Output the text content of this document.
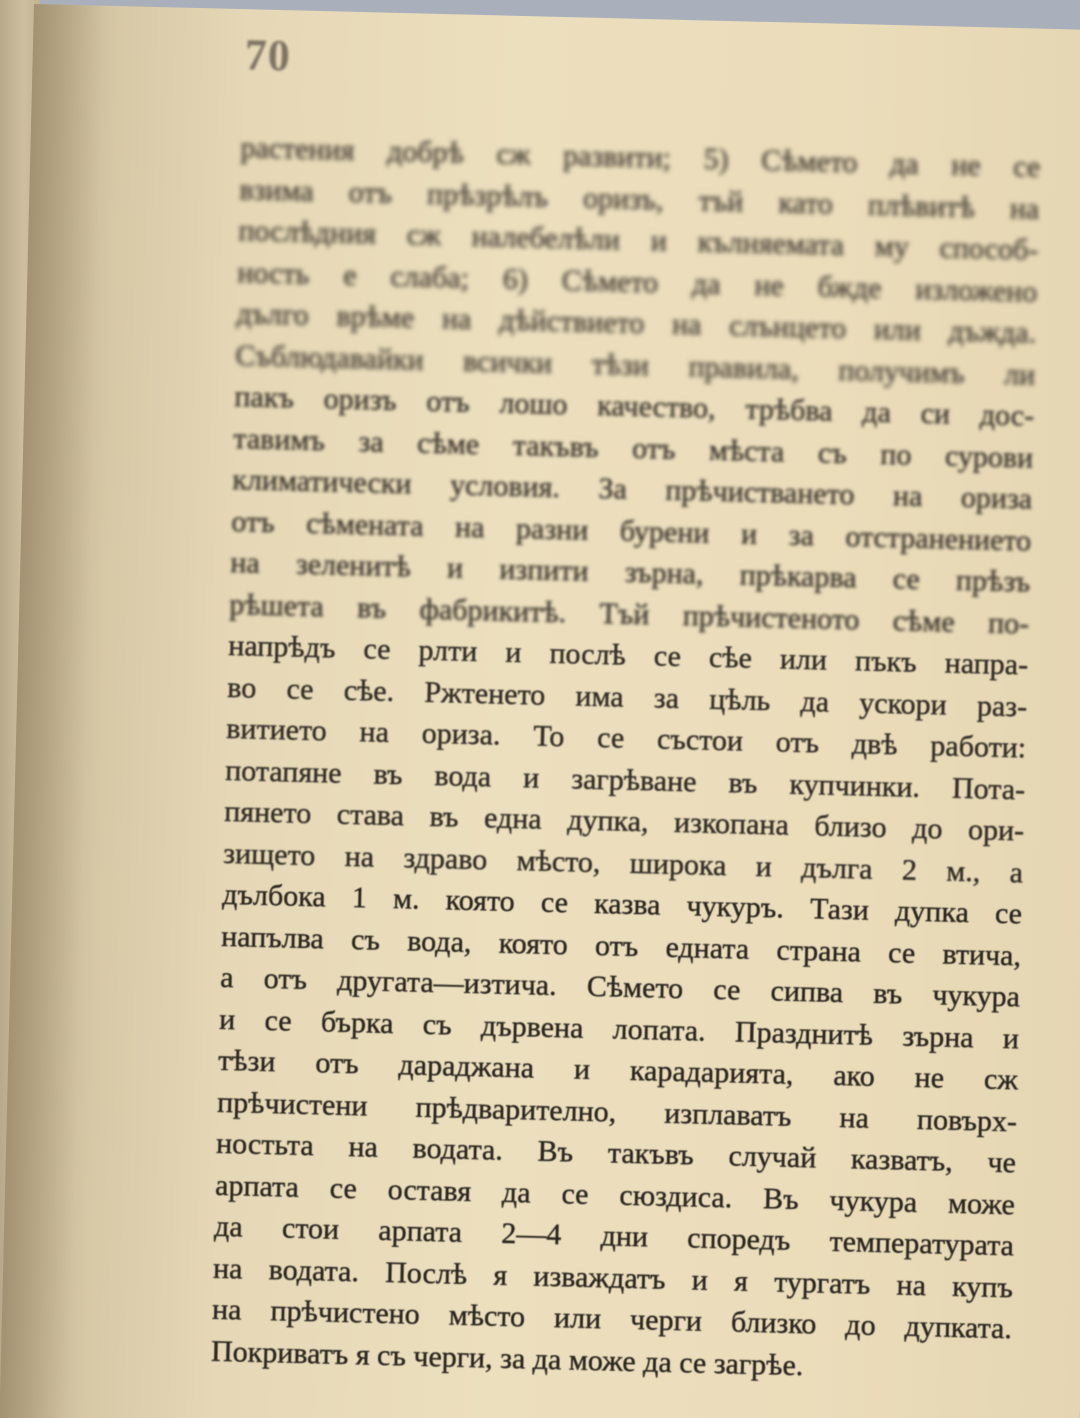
70
растения добрѣ сж развити; 5) Сѣмето да не се
взима отъ прѣзрѣлъ оризъ, тъй като плѣвитѣ на
послѣдния сж налебелѣли и кълняемата му способ-
ность е слаба; 6) Сѣмето да не бжде изложено
дълго врѣме на дѣйствието на слънцето или дъжда.
Съблюдавайки всички тѣзи правила, получимъ ли
пакъ оризъ отъ лошо качество, трѣбва да си дос-
тавимъ за сѣме такъвъ отъ мѣста съ по сурови
климатически условия. За прѣчистването на ориза
отъ сѣмената на разни бурени и за отстранението
на зеленитѣ и изпити зърна, прѣкарва се прѣзъ
рѣшета въ фабрикитѣ. Тъй прѣчистеното сѣме по-
напрѣдъ се рлти и послѣ се сѣе или пъкъ напра-
во се сѣе. Ржтенето има за цѣль да ускори раз-
витието на ориза. То се състои отъ двѣ работи:
потапяне въ вода и загрѣване въ купчинки. Пота-
пянето става въ една дупка, изкопана близо до ори-
зището на здраво мѣсто, широка и дълга 2 м., а
дълбока 1 м. която се казва чукуръ. Тази дупка се
напълва съ вода, която отъ едната страна се втича,
а отъ другата—изтича. Сѣмето се сипва въ чукура
и се бърка съ дървена лопата. Празднитѣ зърна и
тѣзи отъ дараджана и карадарията, ако не сж
прѣчистени прѣдварително, изплаватъ на повърх-
ностьта на водата. Въ такъвъ случай казватъ, че
арпата се оставя да се сюздиса. Въ чукура може
да стои арпата 2—4 дни споредъ температурата
на водата. Послѣ я изваждатъ и я тургатъ на купъ
на прѣчистено мѣсто или черги близко до дупката.
Покриватъ я съ черги, за да може да се загрѣе.
